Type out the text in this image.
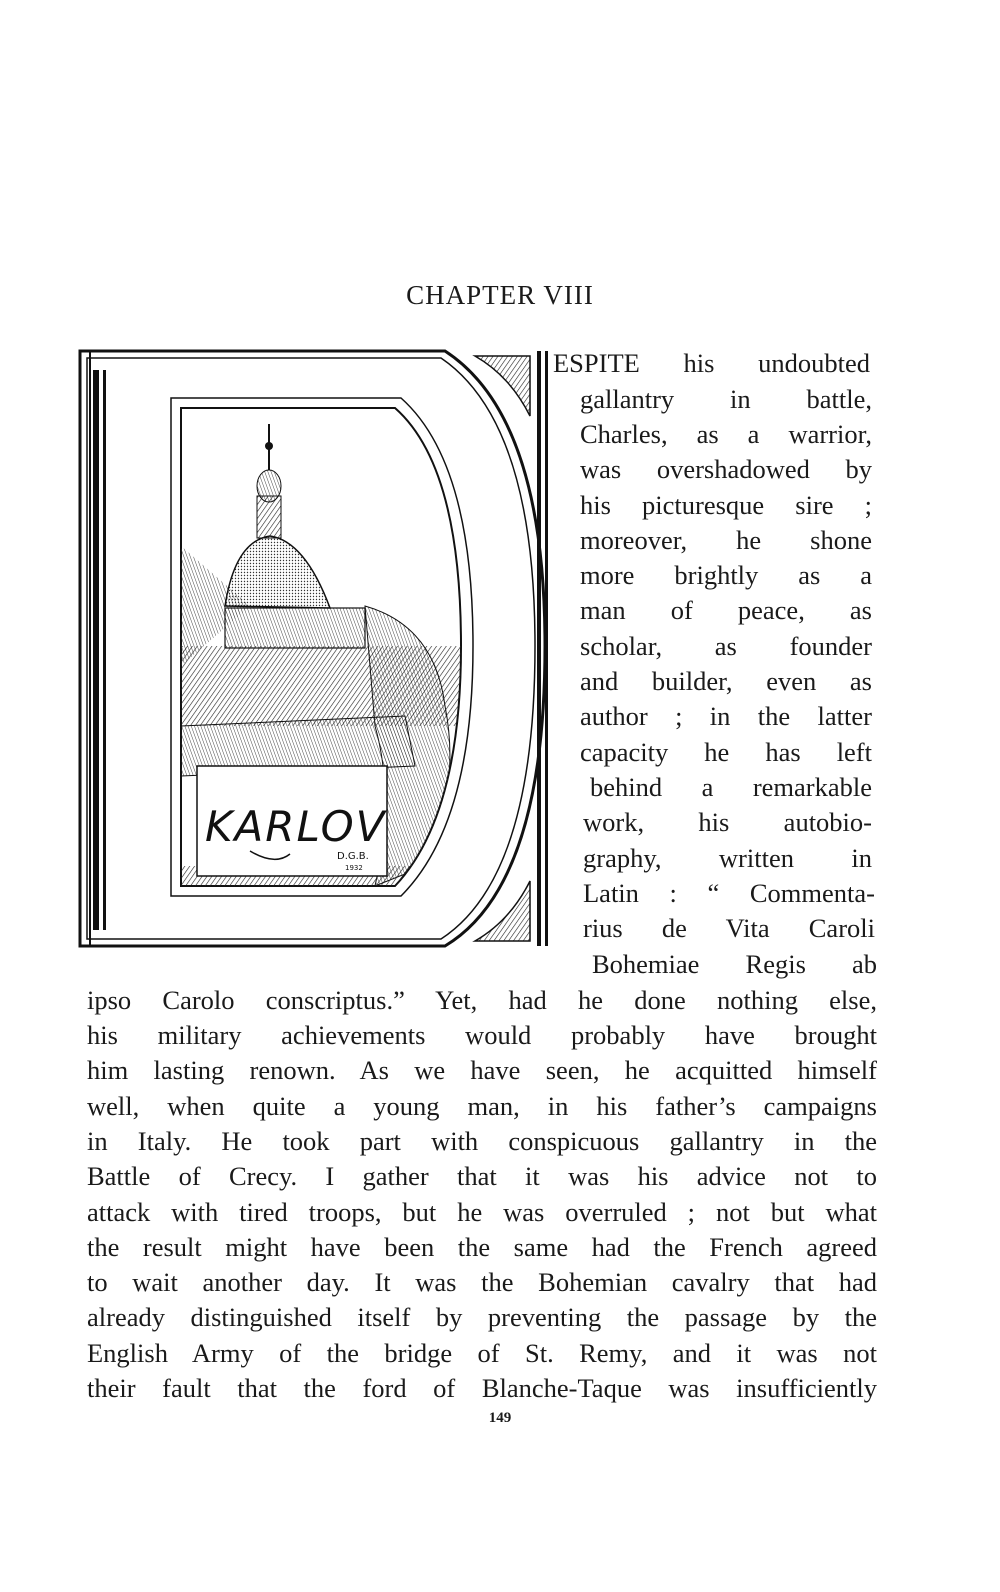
CHAPTER VIII
KARLOV
D.G.B.
1932
ESPITE his undoubted
gallantry in battle,
Charles, as a warrior,
was overshadowed by
his picturesque sire ;
moreover, he shone
more brightly as a
man of peace, as
scholar, as founder
and builder, even as
author ; in the latter
capacity he has left
behind a remarkable
work, his autobio-
graphy, written in
Latin : “ Commenta-
rius de Vita Caroli
Bohemiae Regis ab
ipso Carolo conscriptus.” Yet, had he done nothing else,
his military achievements would probably have brought
him lasting renown. As we have seen, he acquitted himself
well, when quite a young man, in his father’s campaigns
in Italy. He took part with conspicuous gallantry in the
Battle of Crecy. I gather that it was his advice not to
attack with tired troops, but he was overruled ; not but what
the result might have been the same had the French agreed
to wait another day. It was the Bohemian cavalry that had
already distinguished itself by preventing the passage by the
English Army of the bridge of St. Remy, and it was not
their fault that the ford of Blanche-Taque was insufficiently
149
